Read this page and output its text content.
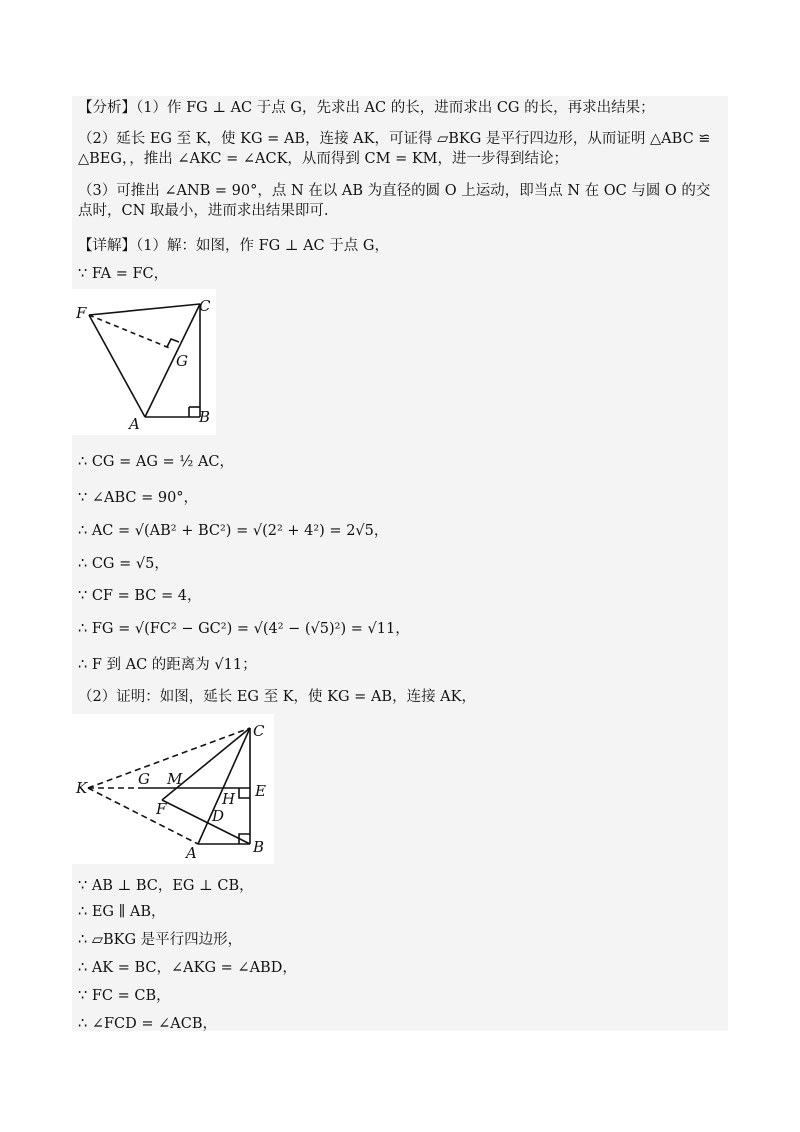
【分析】（1）作 FG ⊥ AC 于点 G，先求出 AC 的长，进而求出 CG 的长，再求出结果；
（2）延长 EG 至 K，使 KG = AB，连接 AK，可证得 ▱BKG 是平行四边形，从而证明 △ABC ≌ △BEG，，推出 ∠AKC = ∠ACK，从而得到 CM = KM，进一步得到结论；
（3）可推出 ∠ANB = 90°，点 N 在以 AB 为直径的圆 O 上运动，即当点 N 在 OC 与圆 O 的交点时，CN 取最小，进而求出结果即可.
【详解】（1）解：如图，作 FG ⊥ AC 于点 G，
∵ FA = FC，
F	C
G
A	B
∴ CG = AG = ½ AC，
∵ ∠ABC = 90°，
∴ AC = √(AB² + BC²) = √(2² + 4²) = 2√5，
∴ CG = √5，
∵ CF = BC = 4，
∴ FG = √(FC² − GC²) = √(4² − (√5)²) = √11，
∴ F 到 AC 的距离为 √11；
（2）证明：如图，延长 EG 至 K，使 KG = AB，连接 AK，
C
K	G M
E
H
F	D
A	B
∵ AB ⊥ BC，EG ⊥ CB，
∴ EG ∥ AB，
∴ ▱BKG 是平行四边形，
∴ AK = BC，∠AKG = ∠ABD，
∵ FC = CB，
∴ ∠FCD = ∠ACB，
